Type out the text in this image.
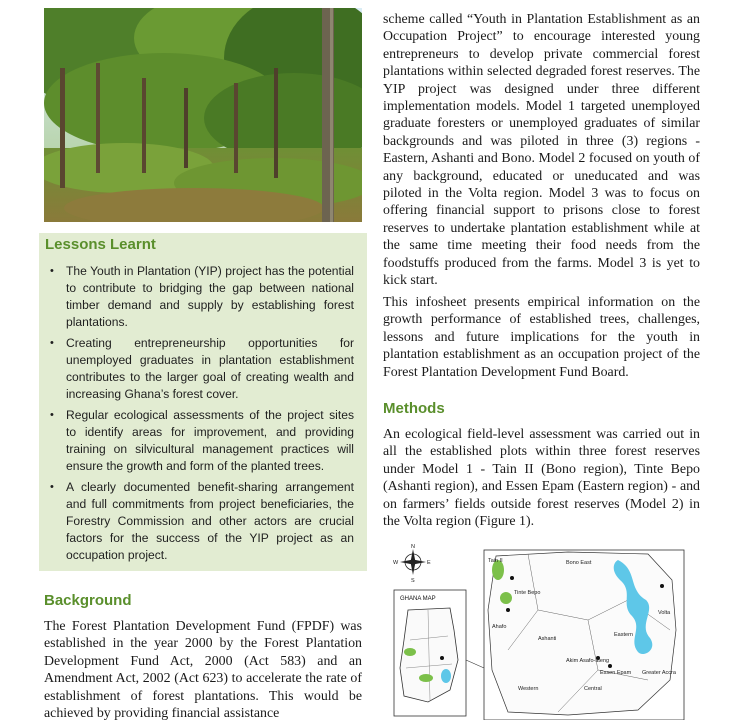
Lessons Learnt
• The Youth in Plantation (YIP) project has the potential to contribute to bridging the gap between national timber demand and supply by establishing forest plantations.
• Creating entrepreneurship opportunities for unemployed graduates in plantation establishment contributes to the larger goal of creating wealth and increasing Ghana’s forest cover.
• Regular ecological assessments of the project sites to identify areas for improvement, and providing training on silvicultural management practices will ensure the growth and form of the planted trees.
• A clearly documented benefit-sharing arrangement and full commitments from project beneficiaries, the Forestry Commission and other actors are crucial factors for the success of the YIP project as an occupation project.
Background

The Forest Plantation Development Fund (FPDF) was established in the year 2000 by the Forest Plantation Development Fund Act, 2000 (Act 583) and an Amendment Act, 2002 (Act 623) to accelerate the rate of establishment of forest plantations. This would be achieved by providing financial assistance

scheme called “Youth in Plantation Establishment as an Occupation Project” to encourage interested young entrepreneurs to develop private commercial forest plantations within selected degraded forest reserves. The YIP project was designed under three different implementation models. Model 1 targeted unemployed graduate foresters or unemployed graduates of similar backgrounds and was piloted in three (3) regions - Eastern, Ashanti and Bono. Model 2 focused on youth of any background, educated or uneducated and was piloted in the Volta region. Model 3 was to focus on offering financial support to prisons close to forest reserves to undertake plantation establishment while at the same time meeting their food needs from the foodstuffs produced from the farms. Model 3 is yet to kick start.

This infosheet presents empirical information on the growth performance of established trees, challenges, lessons and future implications for the youth in plantation establishment as an occupation project of the Forest Plantation Development Fund Board.

Methods

An ecological field-level assessment was carried out in all the established plots within three forest reserves under Model 1 - Tain II (Bono region), Tinte Bepo (Ashanti region), and Essen Epam (Eastern region) - and on farmers’ fields outside forest reserves (Model 2) in the Volta region (Figure 1).

N
S
E
W
GHANA MAP
Tain II
Tinte Bepo
Bono East
Ahafo
Ashanti
Eastern
Volta
Akim Asafo-ateng
Essen Epam Greater Accra
Central
Western
